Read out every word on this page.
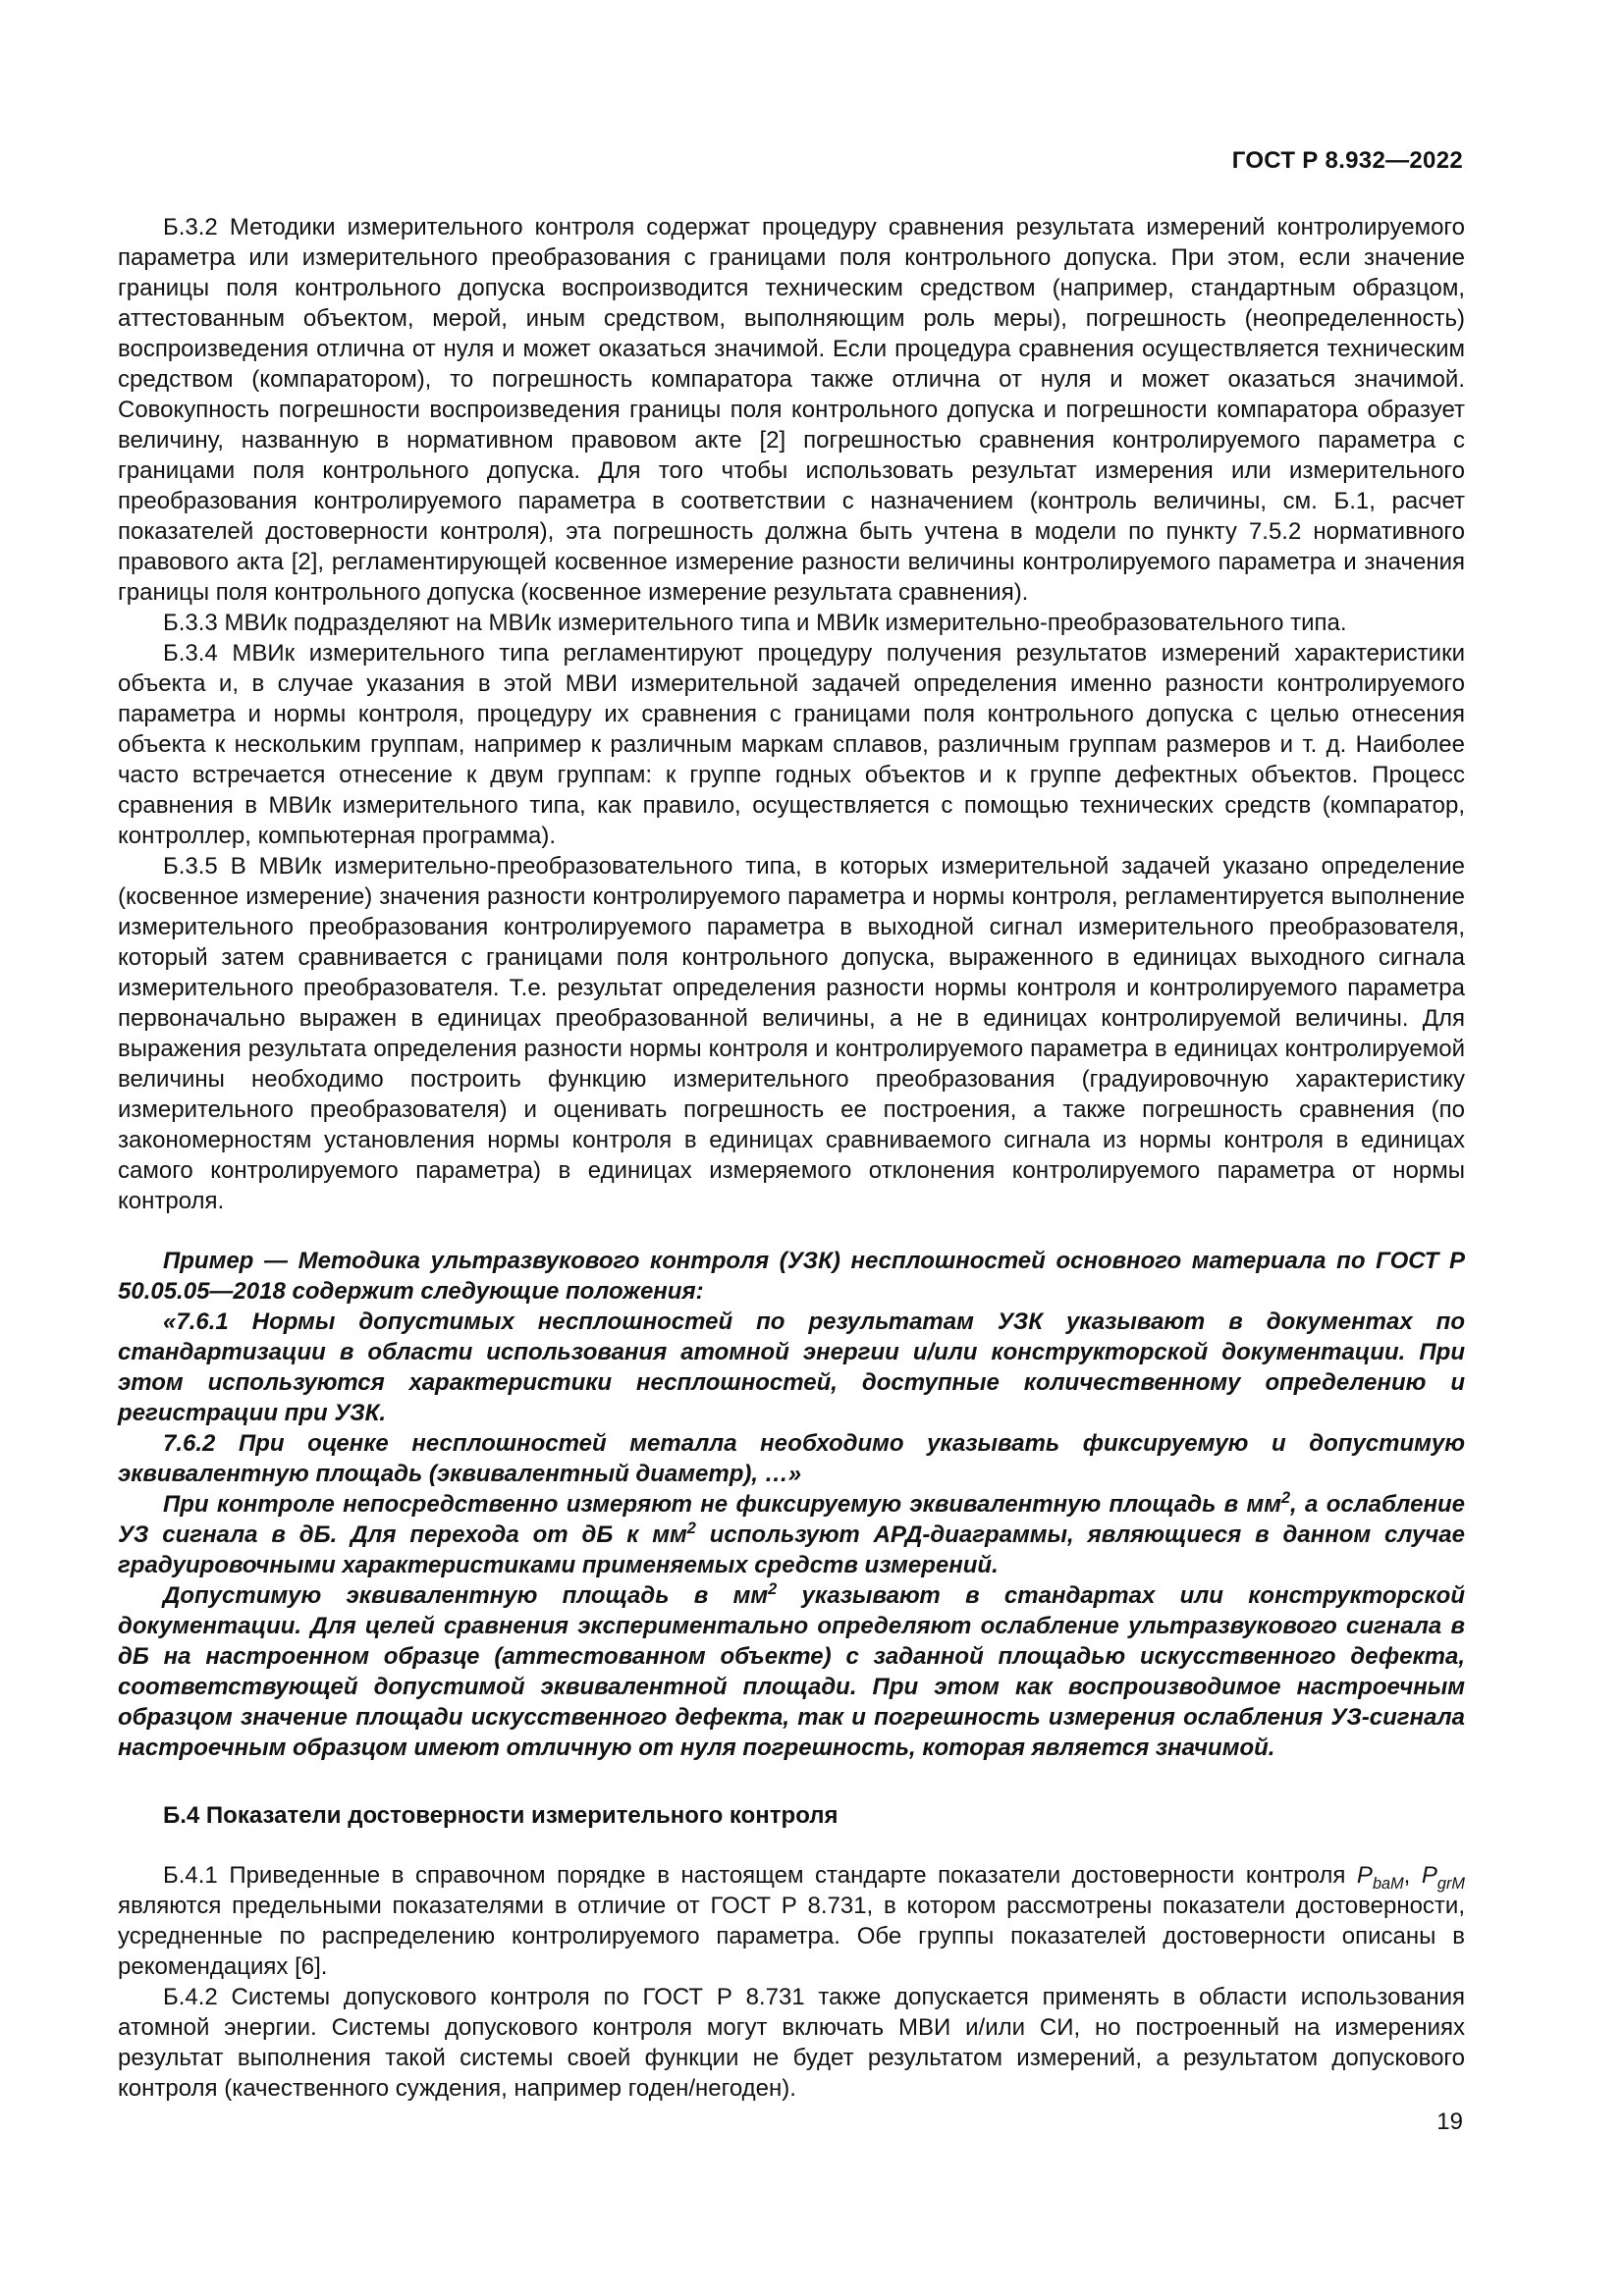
ГОСТ Р 8.932—2022

Б.3.2 Методики измерительного контроля содержат процедуру сравнения результата измерений контролируемого параметра или измерительного преобразования с границами поля контрольного допуска. При этом, если значение границы поля контрольного допуска воспроизводится техническим средством (например, стандартным образцом, аттестованным объектом, мерой, иным средством, выполняющим роль меры), погрешность (неопределенность) воспроизведения отлична от нуля и может оказаться значимой. Если процедура сравнения осуществляется техническим средством (компаратором), то погрешность компаратора также отлична от нуля и может оказаться значимой. Совокупность погрешности воспроизведения границы поля контрольного допуска и погрешности компаратора образует величину, названную в нормативном правовом акте [2] погрешностью сравнения контролируемого параметра с границами поля контрольного допуска. Для того чтобы использовать результат измерения или измерительного преобразования контролируемого параметра в соответствии с назначением (контроль величины, см. Б.1, расчет показателей достоверности контроля), эта погрешность должна быть учтена в модели по пункту 7.5.2 нормативного правового акта [2], регламентирующей косвенное измерение разности величины контролируемого параметра и значения границы поля контрольного допуска (косвенное измерение результата сравнения).

Б.3.3 МВИк подразделяют на МВИк измерительного типа и МВИк измерительно-преобразовательного типа.

Б.3.4 МВИк измерительного типа регламентируют процедуру получения результатов измерений характеристики объекта и, в случае указания в этой МВИ измерительной задачей определения именно разности контролируемого параметра и нормы контроля, процедуру их сравнения с границами поля контрольного допуска с целью отнесения объекта к нескольким группам, например к различным маркам сплавов, различным группам размеров и т. д. Наиболее часто встречается отнесение к двум группам: к группе годных объектов и к группе дефектных объектов. Процесс сравнения в МВИк измерительного типа, как правило, осуществляется с помощью технических средств (компаратор, контроллер, компьютерная программа).

Б.3.5 В МВИк измерительно-преобразовательного типа, в которых измерительной задачей указано определение (косвенное измерение) значения разности контролируемого параметра и нормы контроля, регламентируется выполнение измерительного преобразования контролируемого параметра в выходной сигнал измерительного преобразователя, который затем сравнивается с границами поля контрольного допуска, выраженного в единицах выходного сигнала измерительного преобразователя. Т.е. результат определения разности нормы контроля и контролируемого параметра первоначально выражен в единицах преобразованной величины, а не в единицах контролируемой величины. Для выражения результата определения разности нормы контроля и контролируемого параметра в единицах контролируемой величины необходимо построить функцию измерительного преобразования (градуировочную характеристику измерительного преобразователя) и оценивать погрешность ее построения, а также погрешность сравнения (по закономерностям установления нормы контроля в единицах сравниваемого сигнала из нормы контроля в единицах самого контролируемого параметра) в единицах измеряемого отклонения контролируемого параметра от нормы контроля.

Пример — Методика ультразвукового контроля (УЗК) несплошностей основного материала по ГОСТ Р 50.05.05—2018 содержит следующие положения:

«7.6.1 Нормы допустимых несплошностей по результатам УЗК указывают в документах по стандартизации в области использования атомной энергии и/или конструкторской документации. При этом используются характеристики несплошностей, доступные количественному определению и регистрации при УЗК.

7.6.2 При оценке несплошностей металла необходимо указывать фиксируемую и допустимую эквивалентную площадь (эквивалентный диаметр), …»

При контроле непосредственно измеряют не фиксируемую эквивалентную площадь в $мм^2$, а ослабление УЗ сигнала в дБ. Для перехода от дБ к $мм^2$ используют АРД-диаграммы, являющиеся в данном случае градуировочными характеристиками применяемых средств измерений.

Допустимую эквивалентную площадь в $мм^2$ указывают в стандартах или конструкторской документации. Для целей сравнения экспериментально определяют ослабление ультразвукового сигнала в дБ на настроенном образце (аттестованном объекте) с заданной площадью искусственного дефекта, соответствующей допустимой эквивалентной площади. При этом как воспроизводимое настроечным образцом значение площади искусственного дефекта, так и погрешность измерения ослабления УЗ-сигнала настроечным образцом имеют отличную от нуля погрешность, которая является значимой.

Б.4 Показатели достоверности измерительного контроля

Б.4.1 Приведенные в справочном порядке в настоящем стандарте показатели достоверности контроля $P_{baM}$, $P_{grM}$ являются предельными показателями в отличие от ГОСТ Р 8.731, в котором рассмотрены показатели достоверности, усредненные по распределению контролируемого параметра. Обе группы показателей достоверности описаны в рекомендациях [6].

Б.4.2 Системы допускового контроля по ГОСТ Р 8.731 также допускается применять в области использования атомной энергии. Системы допускового контроля могут включать МВИ и/или СИ, но построенный на измерениях результат выполнения такой системы своей функции не будет результатом измерений, а результатом допускового контроля (качественного суждения, например годен/негоден).

19
